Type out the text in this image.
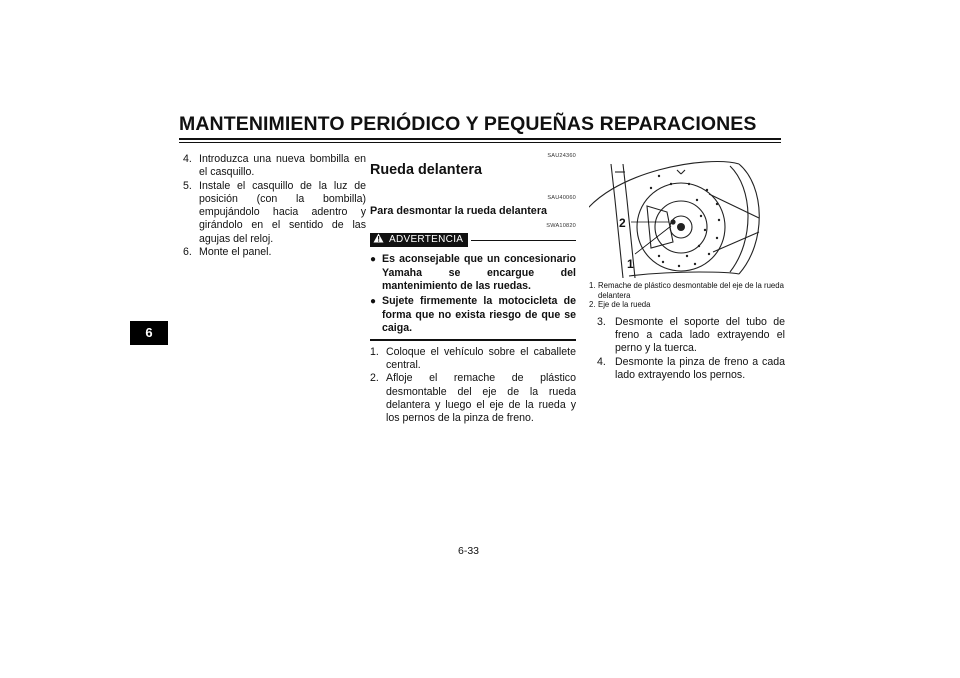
MANTENIMIENTO PERIÓDICO Y PEQUEÑAS REPARACIONES
6
4. Introduzca una nueva bombilla en el casquillo.
5. Instale el casquillo de la luz de posición (con la bombilla) empujándolo hacia adentro y girándolo en el sentido de las agujas del reloj.
6. Monte el panel.
SAU24360
Rueda delantera
SAU40060
Para desmontar la rueda delantera
SWA10820
ADVERTENCIA
● Es aconsejable que un concesionario Yamaha se encargue del mantenimiento de las ruedas.
● Sujete firmemente la motocicleta de forma que no exista riesgo de que se caiga.
1. Coloque el vehículo sobre el caballete central.
2. Afloje el remache de plástico desmontable del eje de la rueda delantera y luego el eje de la rueda y los pernos de la pinza de freno.
2
1
1. Remache de plástico desmontable del eje de la rueda delantera
2. Eje de la rueda
3. Desmonte el soporte del tubo de freno a cada lado extrayendo el perno y la tuerca.
4. Desmonte la pinza de freno a cada lado extrayendo los pernos.
6-33
